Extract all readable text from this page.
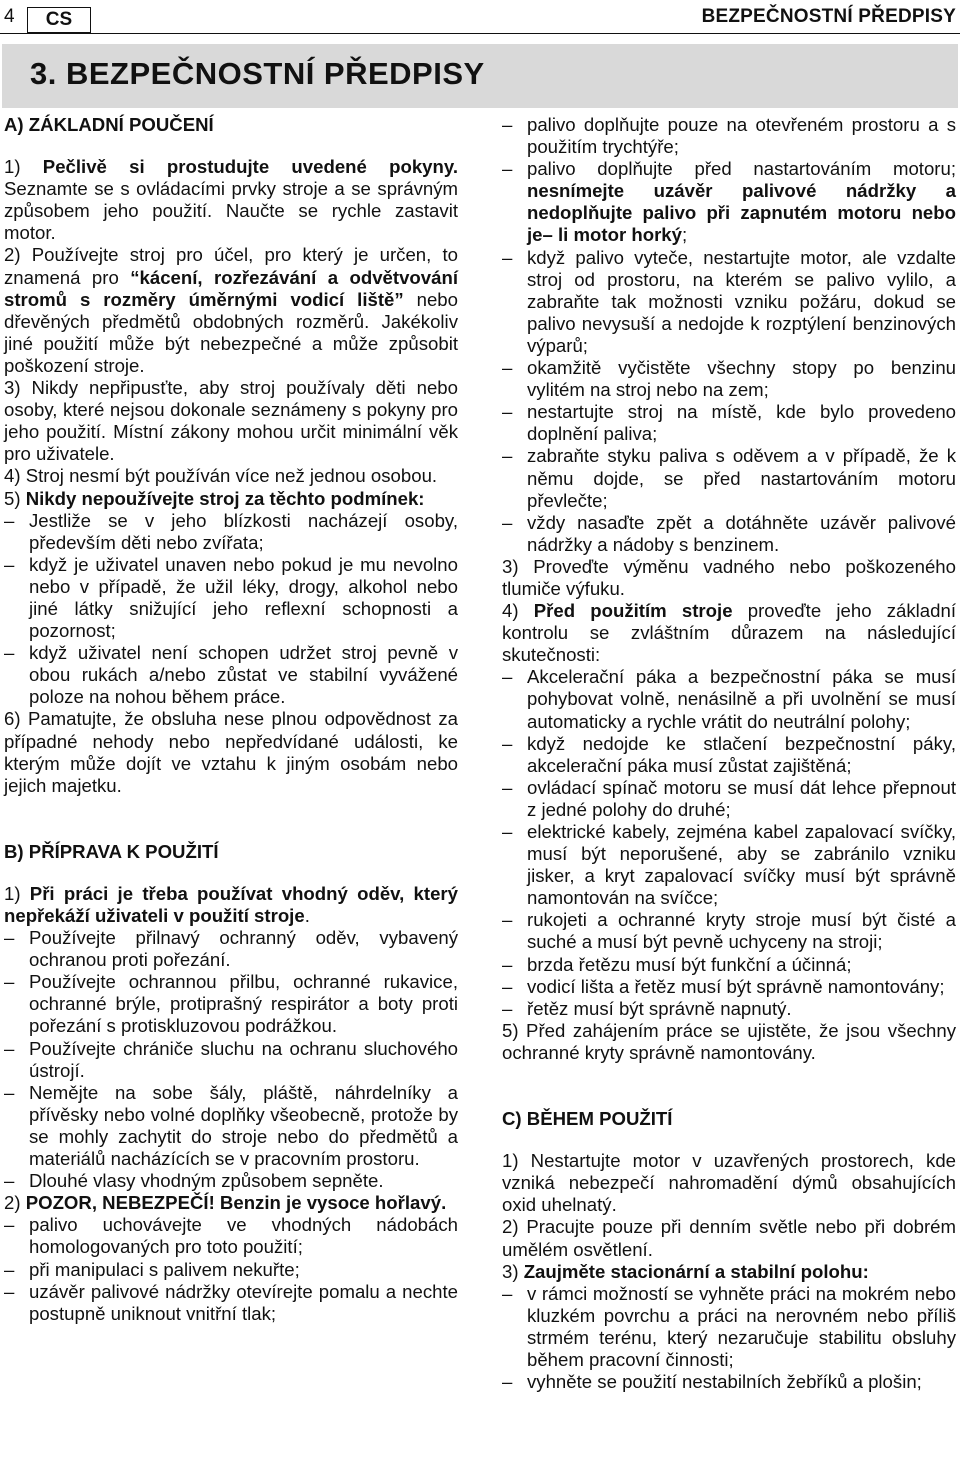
4	CS	BEZPEČNOSTNÍ PŘEDPISY
3. BEZPEČNOSTNÍ PŘEDPISY

A) ZÁKLADNÍ POUČENÍ

1) Pečlivě si prostudujte uvedené pokyny. Seznamte se s ovládacími prvky stroje a se správným způsobem jeho použití. Naučte se rychle zastavit motor.

2) Používejte stroj pro účel, pro který je určen, to znamená pro “kácení, rozřezávání a odvětvování stromů s rozměry úměrnými vodicí liště” nebo dřevěných předmětů obdobných rozměrů. Jakékoliv jiné použití může být nebezpečné a může způsobit poškození stroje.

3) Nikdy nepřipusťte, aby stroj používaly děti nebo osoby, které nejsou dokonale seznámeny s pokyny pro jeho použití. Místní zákony mohou určit minimální věk pro uživatele.

4) Stroj nesmí být používán více než jednou osobou.

5) Nikdy nepoužívejte stroj za těchto podmínek:

– Jestliže se v jeho blízkosti nacházejí osoby, především děti nebo zvířata;

– když je uživatel unaven nebo pokud je mu nevolno nebo v případě, že užil léky, drogy, alkohol nebo jiné látky snižující jeho reflexní schopnosti a pozornost;

– když uživatel není schopen udržet stroj pevně v obou rukách a/nebo zůstat ve stabilní vyvážené poloze na nohou během práce.

6) Pamatujte, že obsluha nese plnou odpovědnost za případné nehody nebo nepředvídané události, ke kterým může dojít ve vztahu k jiným osobám nebo jejich majetku.

B) PŘÍPRAVA K POUŽITÍ

1) Při práci je třeba používat vhodný oděv, který nepřekáží uživateli v použití stroje.

– Používejte přilnavý ochranný oděv, vybavený ochranou proti pořezání.

– Používejte ochrannou přilbu, ochranné rukavice, ochranné brýle, protiprašný respirátor a boty proti pořezání s protiskluzovou podrážkou.

– Používejte chrániče sluchu na ochranu sluchového ústrojí.

– Nemějte na sobe šály, pláště, náhrdelníky a přívěsky nebo volné doplňky všeobecně, protože by se mohly zachytit do stroje nebo do předmětů a materiálů nacházících se v pracovním prostoru.

– Dlouhé vlasy vhodným způsobem sepněte.

2) POZOR, NEBEZPEČÍ! Benzin je vysoce hořlavý.

– palivo uchovávejte ve vhodných nádobách homologovaných pro toto použití;

– při manipulaci s palivem nekuřte;

– uzávěr palivové nádržky otevírejte pomalu a nechte postupně uniknout vnitřní tlak;

– palivo doplňujte pouze na otevřeném prostoru a s použitím trychtýře;

– palivo doplňujte před nastartováním motoru; nesnímejte uzávěr palivové nádržky a nedoplňujte palivo při zapnutém motoru nebo je– li motor horký;

– když palivo vyteče, nestartujte motor, ale vzdalte stroj od prostoru, na kterém se palivo vylilo, a zabraňte tak možnosti vzniku požáru, dokud se palivo nevysuší a nedojde k rozptýlení benzinových výparů;

– okamžitě vyčistěte všechny stopy po benzinu vylitém na stroj nebo na zem;

– nestartujte stroj na místě, kde bylo provedeno doplnění paliva;

– zabraňte styku paliva s oděvem a v případě, že k němu dojde, se před nastartováním motoru převlečte;

– vždy nasaďte zpět a dotáhněte uzávěr palivové nádržky a nádoby s benzinem.

3) Proveďte výměnu vadného nebo poškozeného tlumiče výfuku.

4) Před použitím stroje proveďte jeho základní kontrolu se zvláštním důrazem na následující skutečnosti:

– Akcelerační páka a bezpečnostní páka se musí pohybovat volně, nenásilně a při uvolnění se musí automaticky a rychle vrátit do neutrální polohy;

– když nedojde ke stlačení bezpečnostní páky, akcelerační páka musí zůstat zajištěná;

– ovládací spínač motoru se musí dát lehce přepnout z jedné polohy do druhé;

– elektrické kabely, zejména kabel zapalovací svíčky, musí být neporušené, aby se zabránilo vzniku jisker, a kryt zapalovací svíčky musí být správně namontován na svíčce;

– rukojeti a ochranné kryty stroje musí být čisté a suché a musí být pevně uchyceny na stroji;

– brzda řetězu musí být funkční a účinná;

– vodicí lišta a řetěz musí být správně namontovány;

– řetěz musí být správně napnutý.

5) Před zahájením práce se ujistěte, že jsou všechny ochranné kryty správně namontovány.

C) BĚHEM POUŽITÍ

1) Nestartujte motor v uzavřených prostorech, kde vzniká nebezpečí nahromadění dýmů obsahujících oxid uhelnatý.

2) Pracujte pouze při denním světle nebo při dobrém umělém osvětlení.

3) Zaujměte stacionární a stabilní polohu:

– v rámci možností se vyhněte práci na mokrém nebo kluzkém povrchu a práci na nerovném nebo příliš strmém terénu, který nezaručuje stabilitu obsluhy během pracovní činnosti;

– vyhněte se použití nestabilních žebříků a plošin;
